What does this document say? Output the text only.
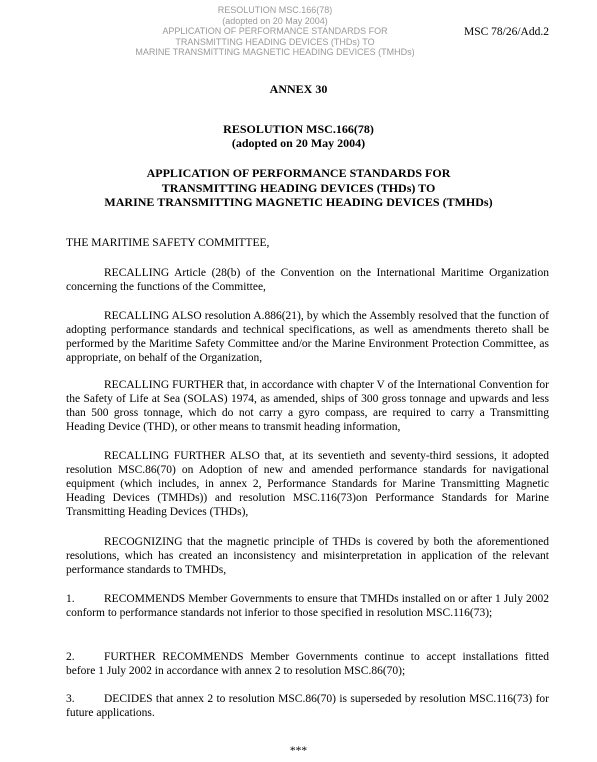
RESOLUTION MSC.166(78)
(adopted on 20 May 2004)
APPLICATION OF PERFORMANCE STANDARDS FOR
TRANSMITTING HEADING DEVICES (THDs) TO
MARINE TRANSMITTING MAGNETIC HEADING DEVICES (TMHDs)
MSC 78/26/Add.2
ANNEX 30
RESOLUTION MSC.166(78)
(adopted on 20 May 2004)
APPLICATION OF PERFORMANCE STANDARDS FOR
TRANSMITTING HEADING DEVICES (THDs) TO
MARINE TRANSMITTING MAGNETIC HEADING DEVICES (TMHDs)
THE MARITIME SAFETY COMMITTEE,
RECALLING Article (28(b) of the Convention on the International Maritime Organization concerning the functions of the Committee,
RECALLING ALSO resolution A.886(21), by which the Assembly resolved that the function of adopting performance standards and technical specifications, as well as amendments thereto shall be performed by the Maritime Safety Committee and/or the Marine Environment Protection Committee, as appropriate, on behalf of the Organization,
RECALLING FURTHER that, in accordance with chapter V of the International Convention for the Safety of Life at Sea (SOLAS) 1974, as amended, ships of 300 gross tonnage and upwards and less than 500 gross tonnage, which do not carry a gyro compass, are required to carry a Transmitting Heading Device (THD), or other means to transmit heading information,
RECALLING FURTHER ALSO that, at its seventieth and seventy-third sessions, it adopted resolution MSC.86(70) on Adoption of new and amended performance standards for navigational equipment (which includes, in annex 2, Performance Standards for Marine Transmitting Magnetic Heading Devices (TMHDs)) and resolution MSC.116(73)on Performance Standards for Marine Transmitting Heading Devices (THDs),
RECOGNIZING that the magnetic principle of THDs is covered by both the aforementioned resolutions, which has created an inconsistency and misinterpretation in application of the relevant performance standards to TMHDs,
1.	RECOMMENDS Member Governments to ensure that TMHDs installed on or after 1 July 2002 conform to performance standards not inferior to those specified in resolution MSC.116(73);
2.	FURTHER RECOMMENDS Member Governments continue to accept installations fitted before 1 July 2002 in accordance with annex 2 to resolution MSC.86(70);
3.	DECIDES that annex 2 to resolution MSC.86(70) is superseded by resolution MSC.116(73) for future applications.
***
